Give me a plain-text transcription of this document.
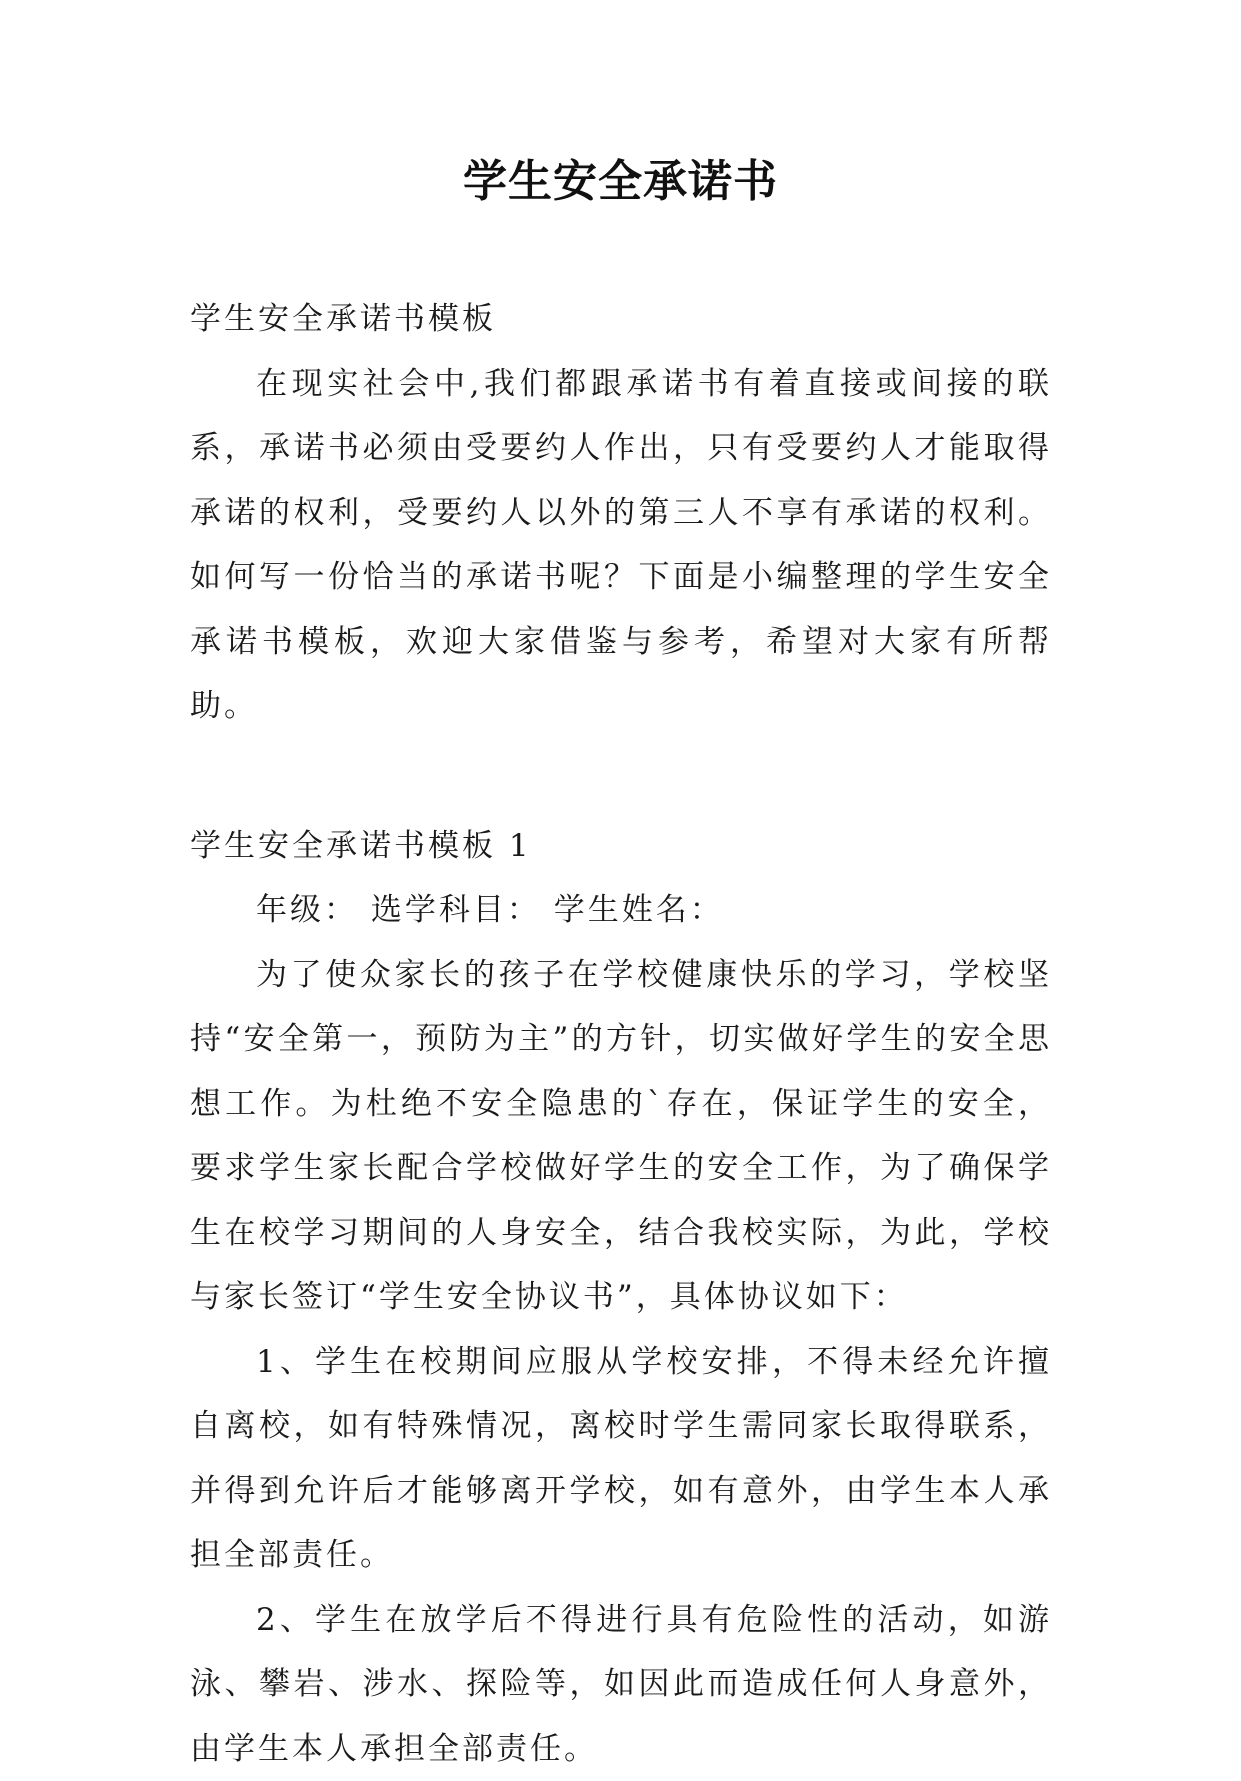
学生安全承诺书

学生安全承诺书模板

在现实社会中,我们都跟承诺书有着直接或间接的联系，承诺书必须由受要约人作出，只有受要约人才能取得承诺的权利，受要约人以外的第三人不享有承诺的权利。如何写一份恰当的承诺书呢？下面是小编整理的学生安全承诺书模板，欢迎大家借鉴与参考，希望对大家有所帮助。

学生安全承诺书模板 1

年级： 选学科目： 学生姓名：

为了使众家长的孩子在学校健康快乐的学习，学校坚持“安全第一，预防为主”的方针，切实做好学生的安全思想工作。为杜绝不安全隐患的`存在，保证学生的安全，要求学生家长配合学校做好学生的安全工作，为了确保学生在校学习期间的人身安全，结合我校实际，为此，学校与家长签订“学生安全协议书”，具体协议如下：

1、学生在校期间应服从学校安排，不得未经允许擅自离校，如有特殊情况，离校时学生需同家长取得联系，并得到允许后才能够离开学校，如有意外，由学生本人承担全部责任。

2、学生在放学后不得进行具有危险性的活动，如游泳、攀岩、涉水、探险等，如因此而造成任何人身意外，由学生本人承担全部责任。
